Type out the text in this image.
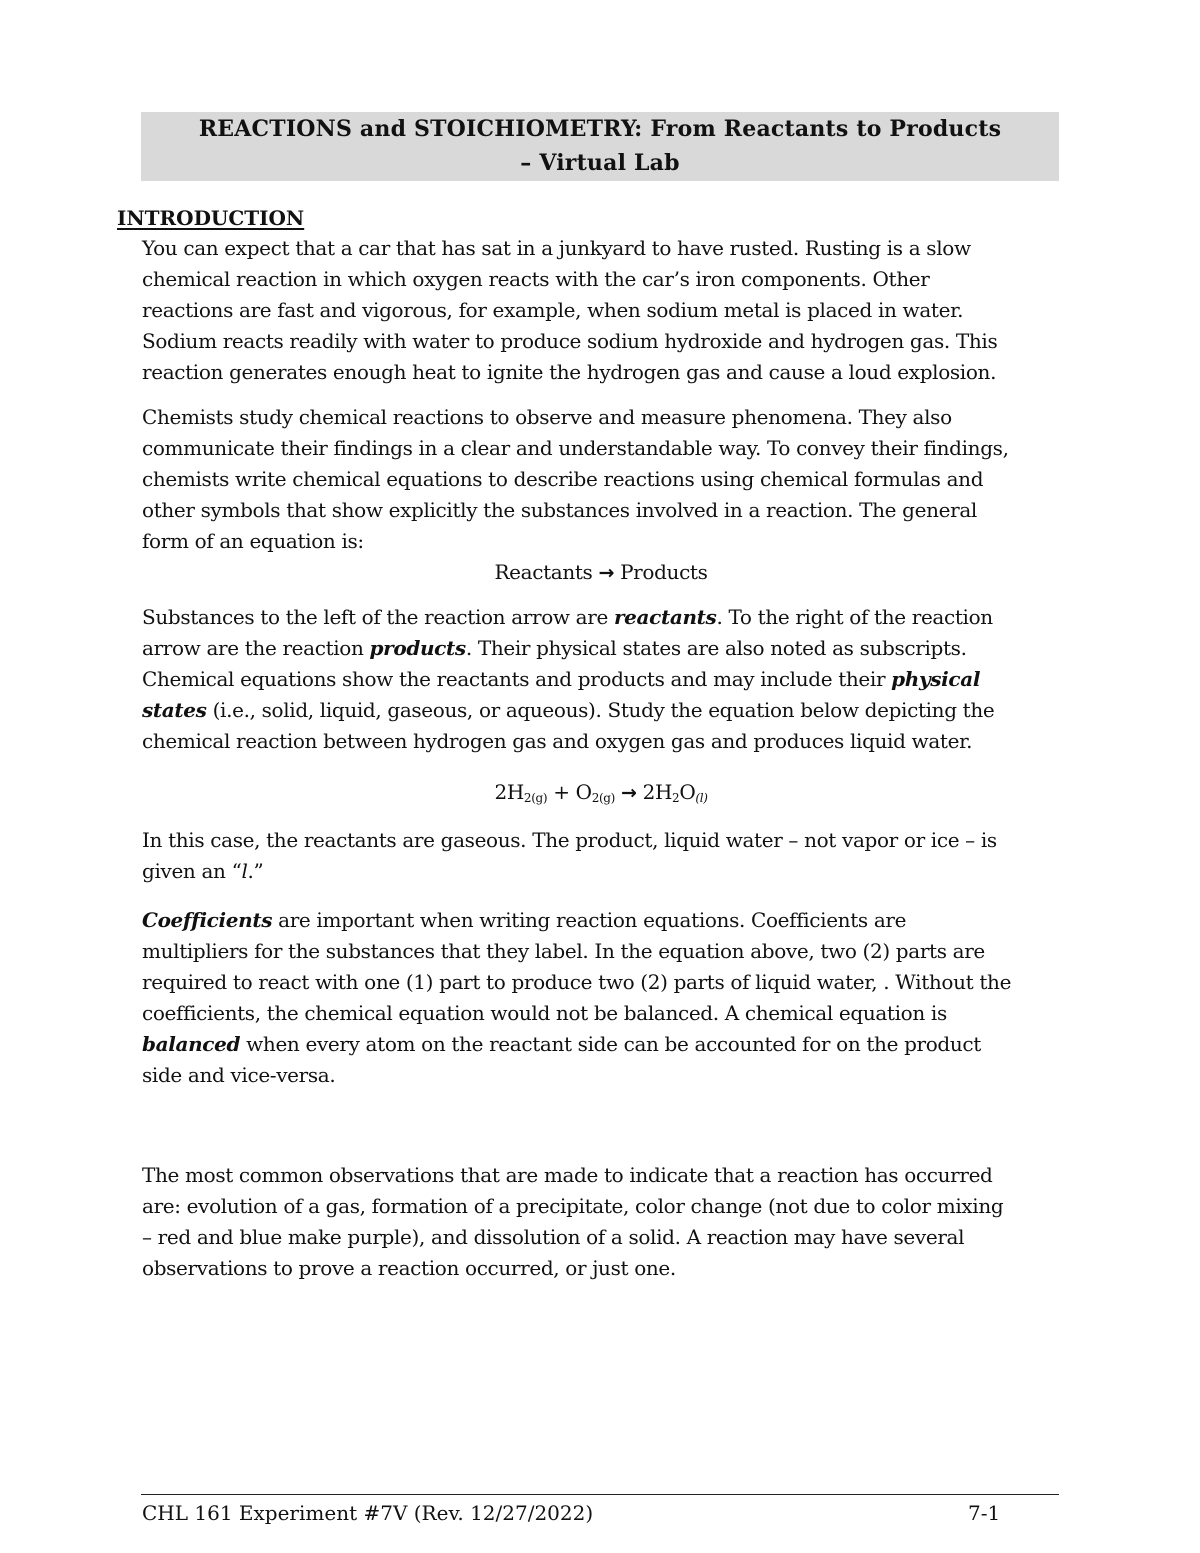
REACTIONS and STOICHIOMETRY: From Reactants to Products
– Virtual Lab
INTRODUCTION
You can expect that a car that has sat in a junkyard to have rusted. Rusting is a slow
chemical reaction in which oxygen reacts with the car’s iron components. Other
reactions are fast and vigorous, for example, when sodium metal is placed in water.
Sodium reacts readily with water to produce sodium hydroxide and hydrogen gas. This
reaction generates enough heat to ignite the hydrogen gas and cause a loud explosion.
Chemists study chemical reactions to observe and measure phenomena. They also
communicate their findings in a clear and understandable way. To convey their findings,
chemists write chemical equations to describe reactions using chemical formulas and
other symbols that show explicitly the substances involved in a reaction. The general
form of an equation is:
Reactants → Products
Substances to the left of the reaction arrow are reactants. To the right of the reaction
arrow are the reaction products. Their physical states are also noted as subscripts.
Chemical equations show the reactants and products and may include their physical
states (i.e., solid, liquid, gaseous, or aqueous). Study the equation below depicting the
chemical reaction between hydrogen gas and oxygen gas and produces liquid water.
$2H_{2(g)} + O_{2(g)} \to 2H_2O_{(l)}$
In this case, the reactants are gaseous. The product, liquid water – not vapor or ice – is
given an “l.”
Coefficients are important when writing reaction equations. Coefficients are
multipliers for the substances that they label. In the equation above, two (2) parts are
required to react with one (1) part to produce two (2) parts of liquid water, . Without the
coefficients, the chemical equation would not be balanced. A chemical equation is
balanced when every atom on the reactant side can be accounted for on the product
side and vice-versa.
The most common observations that are made to indicate that a reaction has occurred
are: evolution of a gas, formation of a precipitate, color change (not due to color mixing
– red and blue make purple), and dissolution of a solid. A reaction may have several
observations to prove a reaction occurred, or just one.
CHL 161 Experiment #7V (Rev. 12/27/2022)	7-1
